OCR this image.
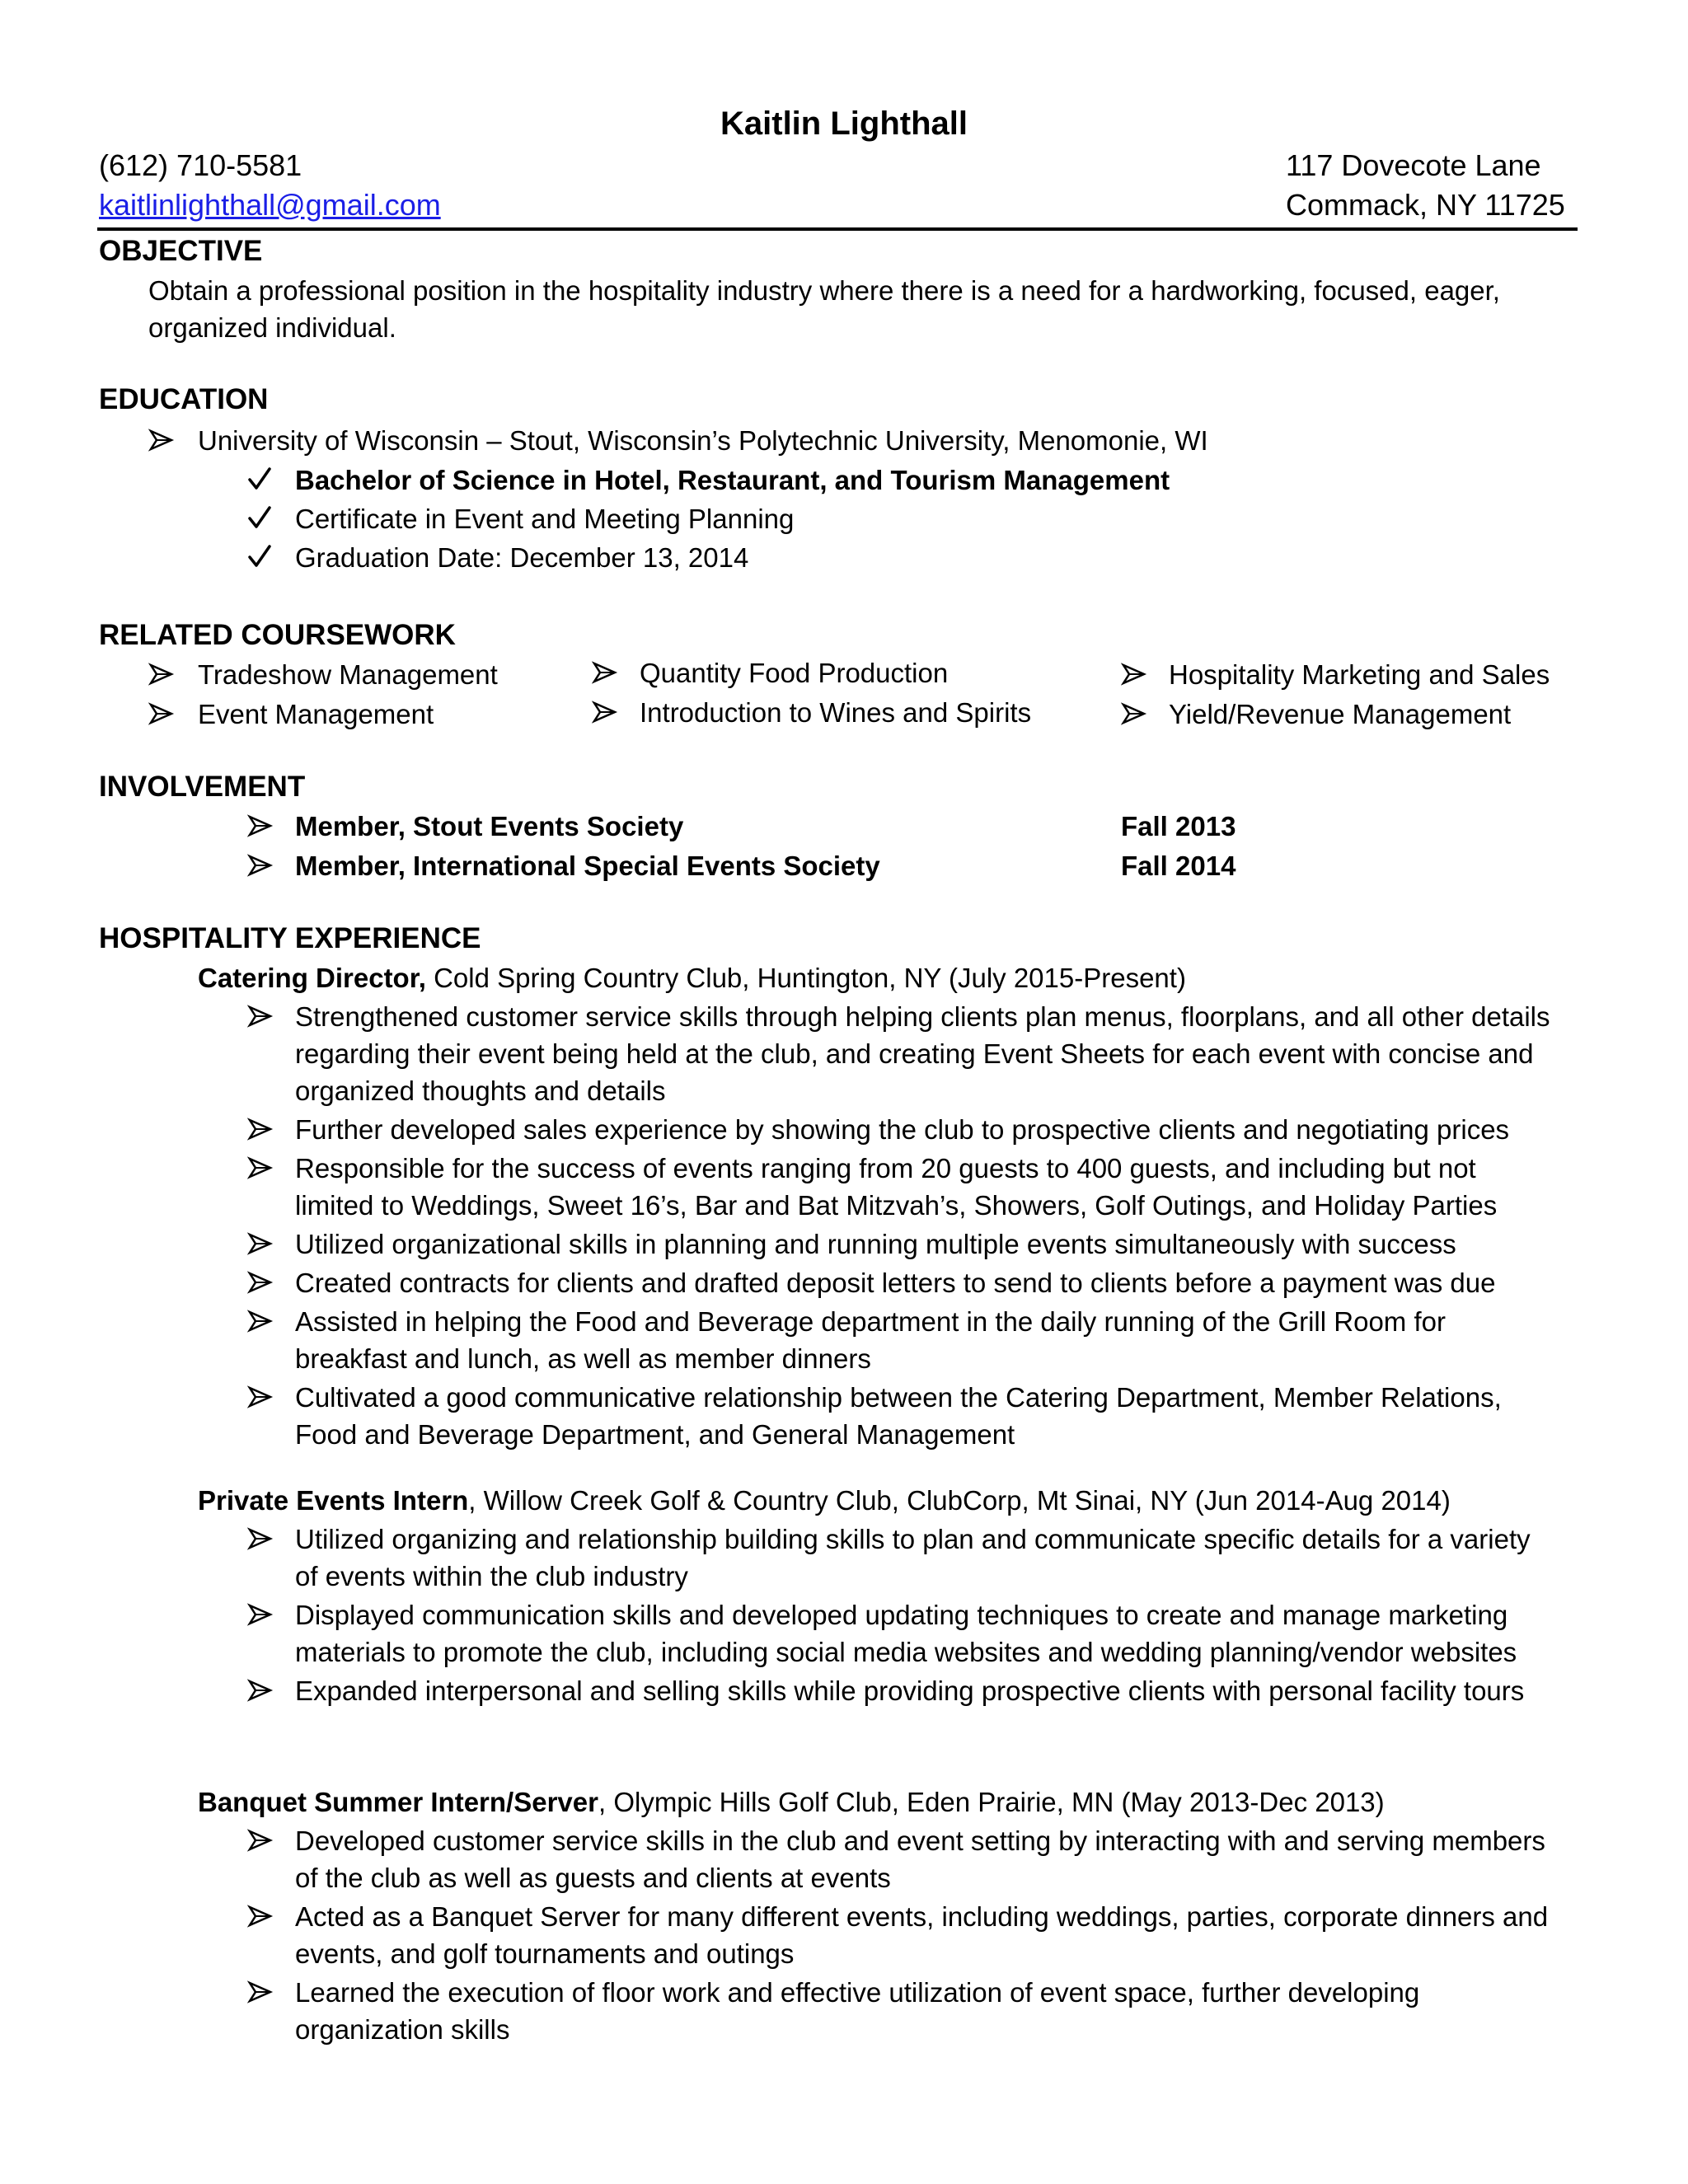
Kaitlin Lighthall
(612) 710-5581
kaitlinlighthall@gmail.com
117 Dovecote Lane
Commack, NY 11725
OBJECTIVE
Obtain a professional position in the hospitality industry where there is a need for a hardworking, focused, eager,
organized individual.
EDUCATION
University of Wisconsin – Stout, Wisconsin’s Polytechnic University, Menomonie, WI
Bachelor of Science in Hotel, Restaurant, and Tourism Management
Certificate in Event and Meeting Planning
Graduation Date: December 13, 2014
RELATED COURSEWORK
Tradeshow Management
Event Management
Quantity Food Production
Introduction to Wines and Spirits
Hospitality Marketing and Sales
Yield/Revenue Management
INVOLVEMENT
Member, Stout Events Society	Fall 2013
Member, International Special Events Society	Fall 2014
HOSPITALITY EXPERIENCE
Catering Director, Cold Spring Country Club, Huntington, NY (July 2015-Present)
Strengthened customer service skills through helping clients plan menus, floorplans, and all other details
regarding their event being held at the club, and creating Event Sheets for each event with concise and
organized thoughts and details
Further developed sales experience by showing the club to prospective clients and negotiating prices
Responsible for the success of events ranging from 20 guests to 400 guests, and including but not
limited to Weddings, Sweet 16’s, Bar and Bat Mitzvah’s, Showers, Golf Outings, and Holiday Parties
Utilized organizational skills in planning and running multiple events simultaneously with success
Created contracts for clients and drafted deposit letters to send to clients before a payment was due
Assisted in helping the Food and Beverage department in the daily running of the Grill Room for
breakfast and lunch, as well as member dinners
Cultivated a good communicative relationship between the Catering Department, Member Relations,
Food and Beverage Department, and General Management
Private Events Intern, Willow Creek Golf & Country Club, ClubCorp, Mt Sinai, NY (Jun 2014-Aug 2014)
Utilized organizing and relationship building skills to plan and communicate specific details for a variety
of events within the club industry
Displayed communication skills and developed updating techniques to create and manage marketing
materials to promote the club, including social media websites and wedding planning/vendor websites
Expanded interpersonal and selling skills while providing prospective clients with personal facility tours
Banquet Summer Intern/Server, Olympic Hills Golf Club, Eden Prairie, MN (May 2013-Dec 2013)
Developed customer service skills in the club and event setting by interacting with and serving members
of the club as well as guests and clients at events
Acted as a Banquet Server for many different events, including weddings, parties, corporate dinners and
events, and golf tournaments and outings
Learned the execution of floor work and effective utilization of event space, further developing
organization skills
